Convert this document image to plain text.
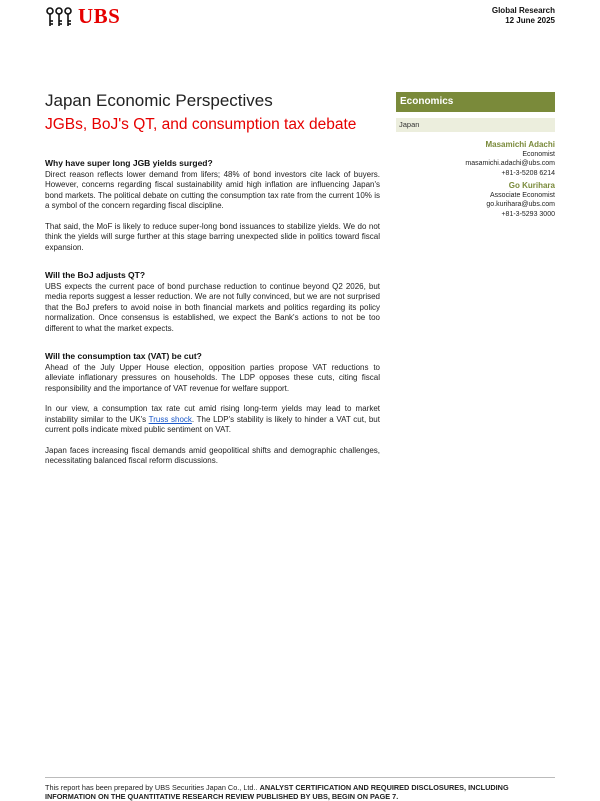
UBS	Global Research
12 June 2025
Japan Economic Perspectives
JGBs, BoJ's QT, and consumption tax debate
Why have super long JGB yields surged?

Direct reason reflects lower demand from lifers; 48% of bond investors cite lack of buyers. However, concerns regarding fiscal sustainability amid high inflation are influencing Japan's bond markets. The political debate on cutting the consumption tax rate from the current 10% is a symbol of the concern regarding fiscal discipline.

That said, the MoF is likely to reduce super-long bond issuances to stabilize yields. We do not think the yields will surge further at this stage barring unexpected slide in politics toward fiscal expansion.

Will the BoJ adjusts QT?

UBS expects the current pace of bond purchase reduction to continue beyond Q2 2026, but media reports suggest a lesser reduction. We are not fully convinced, but we are not surprised that the BoJ prefers to avoid noise in both financial markets and politics regarding its policy normalization. Once consensus is established, we expect the Bank's actions to not be too different to what the market expects.

Will the consumption tax (VAT) be cut?

Ahead of the July Upper House election, opposition parties propose VAT reductions to alleviate inflationary pressures on households. The LDP opposes these cuts, citing fiscal responsibility and the importance of VAT revenue for welfare support.

In our view, a consumption tax rate cut amid rising long-term yields may lead to market instability similar to the UK's Truss shock. The LDP's stability is likely to hinder a VAT cut, but current polls indicate mixed public sentiment on VAT.

Japan faces increasing fiscal demands amid geopolitical shifts and demographic challenges, necessitating balanced fiscal reform discussions.

Economics
Japan
Masamichi Adachi
Economist
masamichi.adachi@ubs.com
+81-3-5208 6214
Go Kurihara
Associate Economist
go.kurihara@ubs.com
+81-3-5293 3000
This report has been prepared by UBS Securities Japan Co., Ltd.. ANALYST CERTIFICATION AND REQUIRED DISCLOSURES, INCLUDING INFORMATION ON THE QUANTITATIVE RESEARCH REVIEW PUBLISHED BY UBS, BEGIN ON PAGE 7.
